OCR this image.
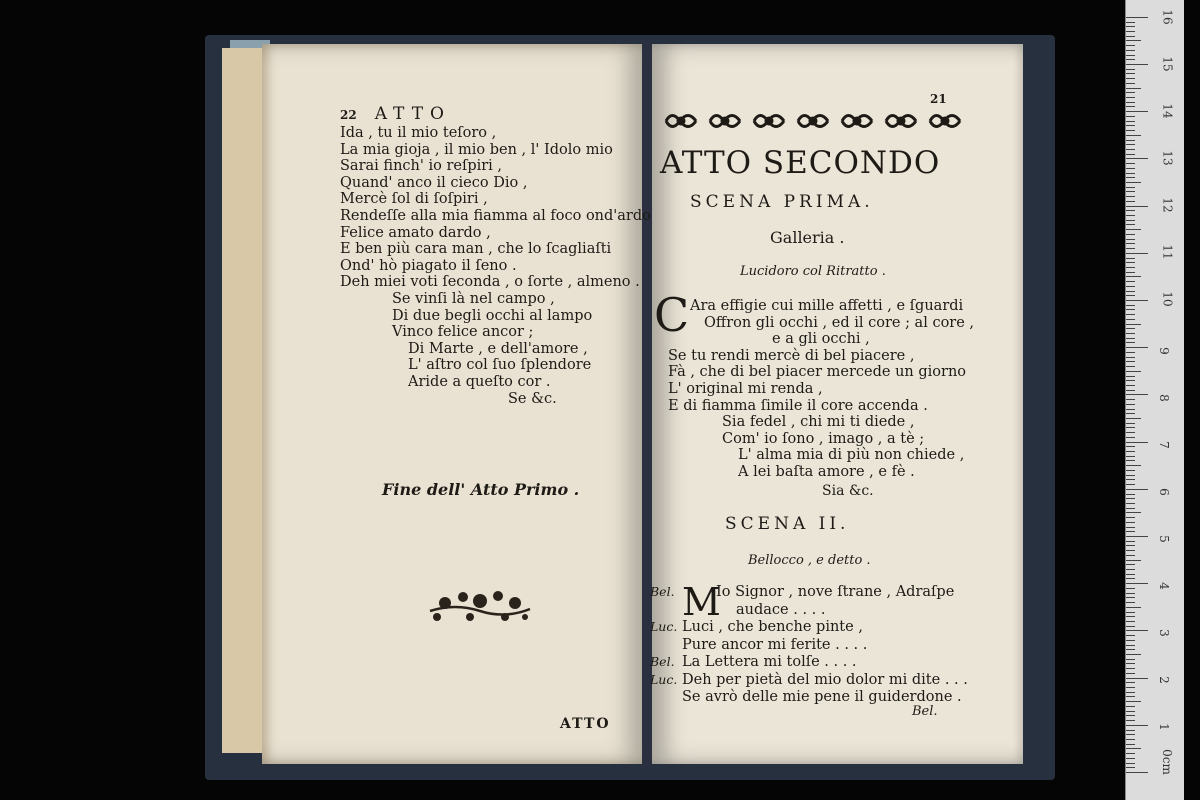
22 ATTO
Ida , tu il mio teſoro ,
La mia gioja , il mio ben , l' Idolo mio
Sarai finch' io reſpiri ,
Quand' anco il cieco Dio ,
Mercè ſol di ſoſpiri ,
Rendeſſe alla mia fiamma al foco ond'ardo
Felice amato dardo ,
E ben più cara man , che lo ſcagliaſti
Ond' hò piagato il ſeno .
Deh miei voti ſeconda , o ſorte , almeno .
Se vinſi là nel campo ,
Di due begli occhi al lampo
Vinco felice ancor ;
Di Marte , e dell'amore ,
L' aſtro col ſuo ſplendore
Aride a queſto cor .
Se &c.
Fine dell' Atto Primo .
ATTO
21
ATTO SECONDO
SCENA PRIMA.
Galleria .
Lucidoro col Ritratto .
C Ara effigie cui mille affetti , e ſguardi
Offron gli occhi , ed il core ; al core ,
e a gli occhi ,
Se tu rendi mercè di bel piacere ,
Fà , che di bel piacer mercede un giorno
L' original mi renda ,
E di fiamma ſimile il core accenda .
Sia fedel , chi mi ti diede ,
Com' io ſono , imago , a tè ;
L' alma mia di più non chiede ,
A lei baſta amore , e fè .
Sia &c.
SCENA II.
Bellocco , e detto .
M
Bel.	Io Signor , nove ſtrane , Adraſpe
audace . . . .
Luc. Luci , che benche pinte ,
Pure ancor mi ferite . . . .
Bel. La Lettera mi tolſe . . . .
Luc. Deh per pietà del mio dolor mi dite . . .
Se avrò delle mie pene il guiderdone .
Bel.
0cm
1
2
3
4
5
6
7
8
9
10
11
12
13
14
15
16
